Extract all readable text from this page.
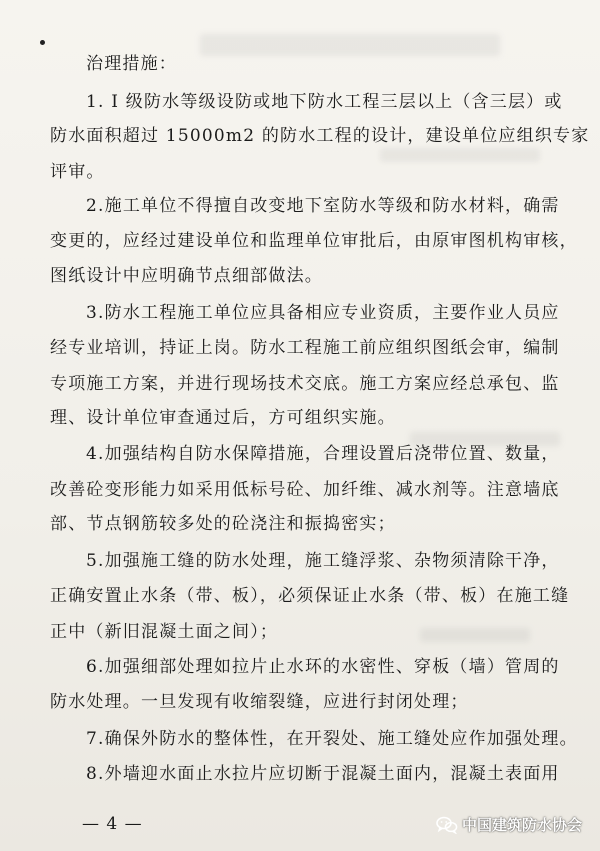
治理措施：
1. I 级防水等级设防或地下防水工程三层以上（含三层）或
防水面积超过 15000m2 的防水工程的设计，建设单位应组织专家
评审。
2.施工单位不得擅自改变地下室防水等级和防水材料，确需
变更的，应经过建设单位和监理单位审批后，由原审图机构审核，
图纸设计中应明确节点细部做法。
3.防水工程施工单位应具备相应专业资质，主要作业人员应
经专业培训，持证上岗。防水工程施工前应组织图纸会审，编制
专项施工方案，并进行现场技术交底。施工方案应经总承包、监
理、设计单位审查通过后，方可组织实施。
4.加强结构自防水保障措施，合理设置后浇带位置、数量，
改善砼变形能力如采用低标号砼、加纤维、减水剂等。注意墙底
部、节点钢筋较多处的砼浇注和振捣密实；
5.加强施工缝的防水处理，施工缝浮浆、杂物须清除干净，
正确安置止水条（带、板），必须保证止水条（带、板）在施工缝
正中（新旧混凝土面之间）；
6.加强细部处理如拉片止水环的水密性、穿板（墙）管周的
防水处理。一旦发现有收缩裂缝，应进行封闭处理；
7.确保外防水的整体性，在开裂处、施工缝处应作加强处理。
8.外墙迎水面止水拉片应切断于混凝土面内，混凝土表面用
— 4 —	中国建筑防水协会
